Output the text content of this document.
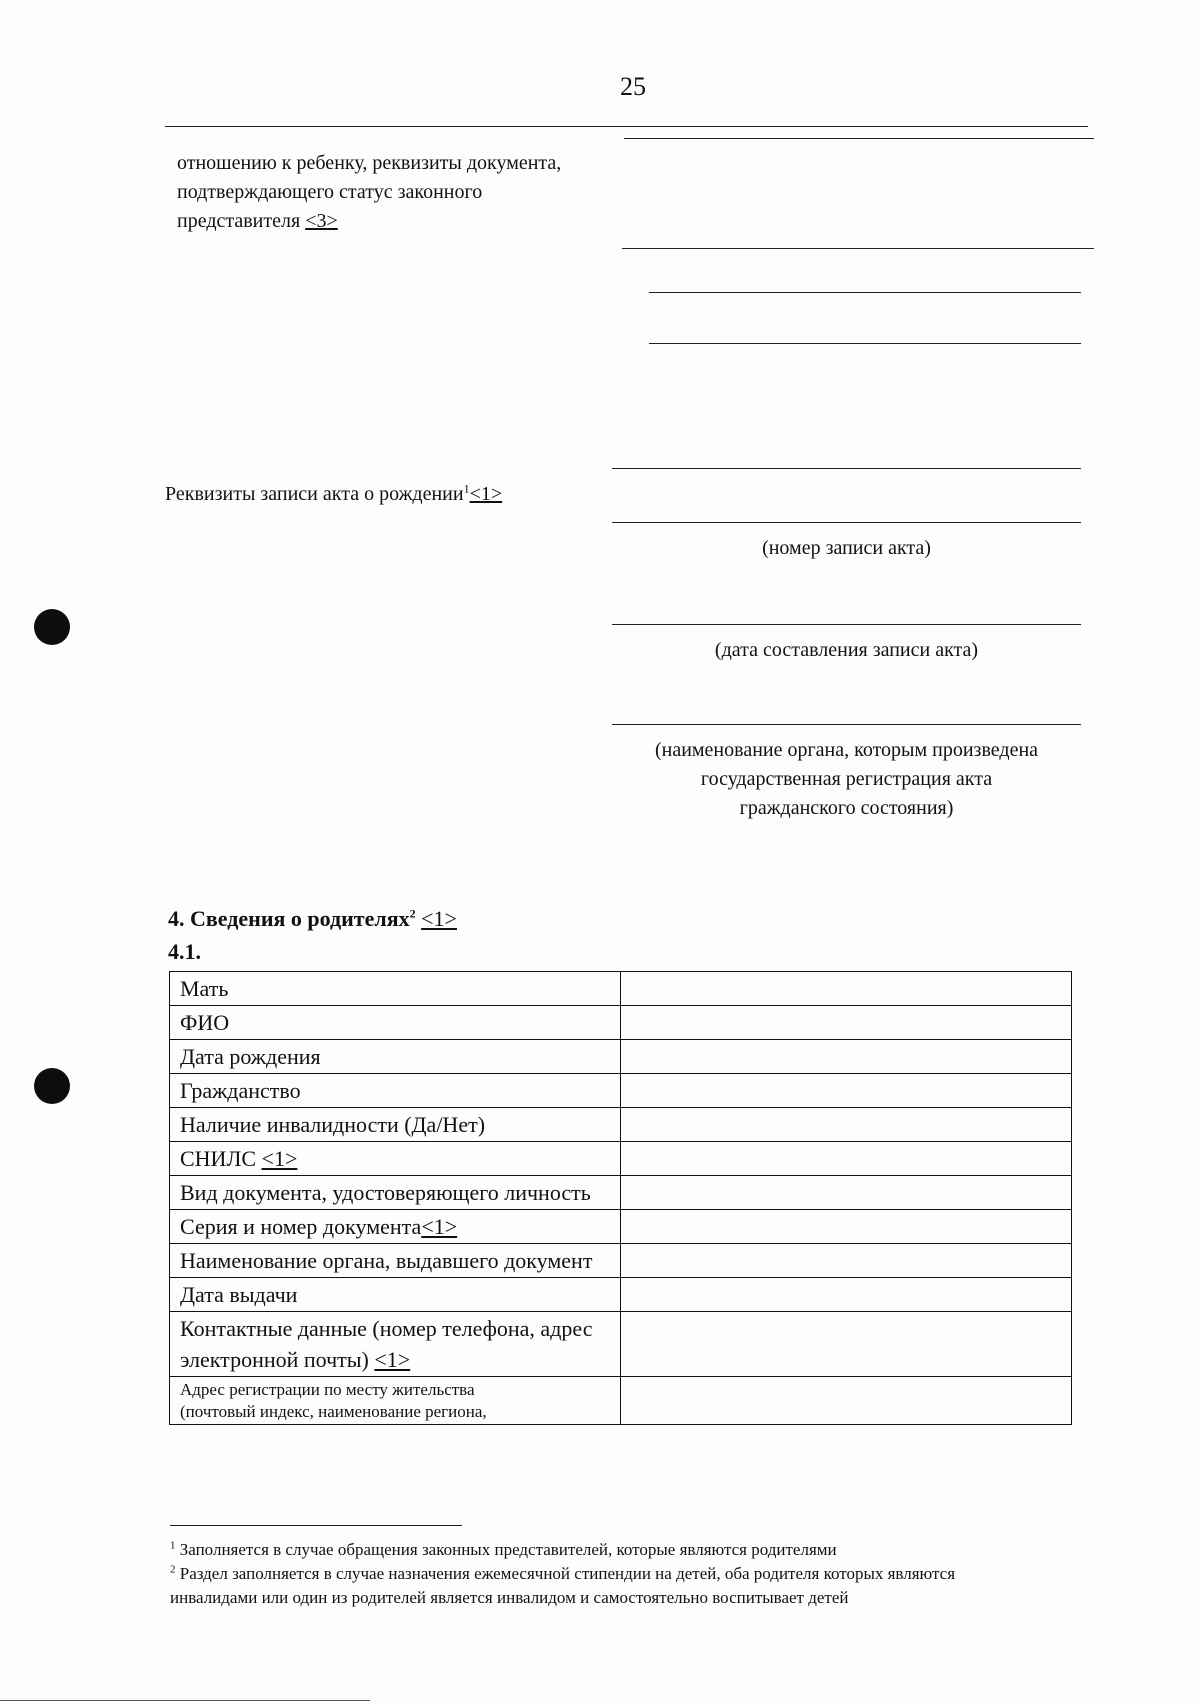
25
отношению к ребенку, реквизиты документа,
подтверждающего статус законного
представителя <3>
Реквизиты записи акта о рождении$^1$<1>
(номер записи акта)
(дата составления записи акта)
(наименование органа, которым произведена
государственная регистрация акта
гражданского состояния)
4. Сведения о родителях$^2$ <1>
4.1.
Мать	
ФИО	
Дата рождения	
Гражданство	
Наличие инвалидности (Да/Нет)	
СНИЛС <1>	
Вид документа, удостоверяющего личность	
Серия и номер документа<1>	
Наименование органа, выдавшего документ	
Дата выдачи	
Контактные данные (номер телефона, адрес электронной почты) <1>	

Адрес регистрации по месту жительства
(почтовый индекс, наименование региона,	

$^1$ Заполняется в случае обращения законных представителей, которые являются родителями
$^2$ Раздел заполняется в случае назначения ежемесячной стипендии на детей, оба родителя которых являются
инвалидами или один из родителей является инвалидом и самостоятельно воспитывает детей
